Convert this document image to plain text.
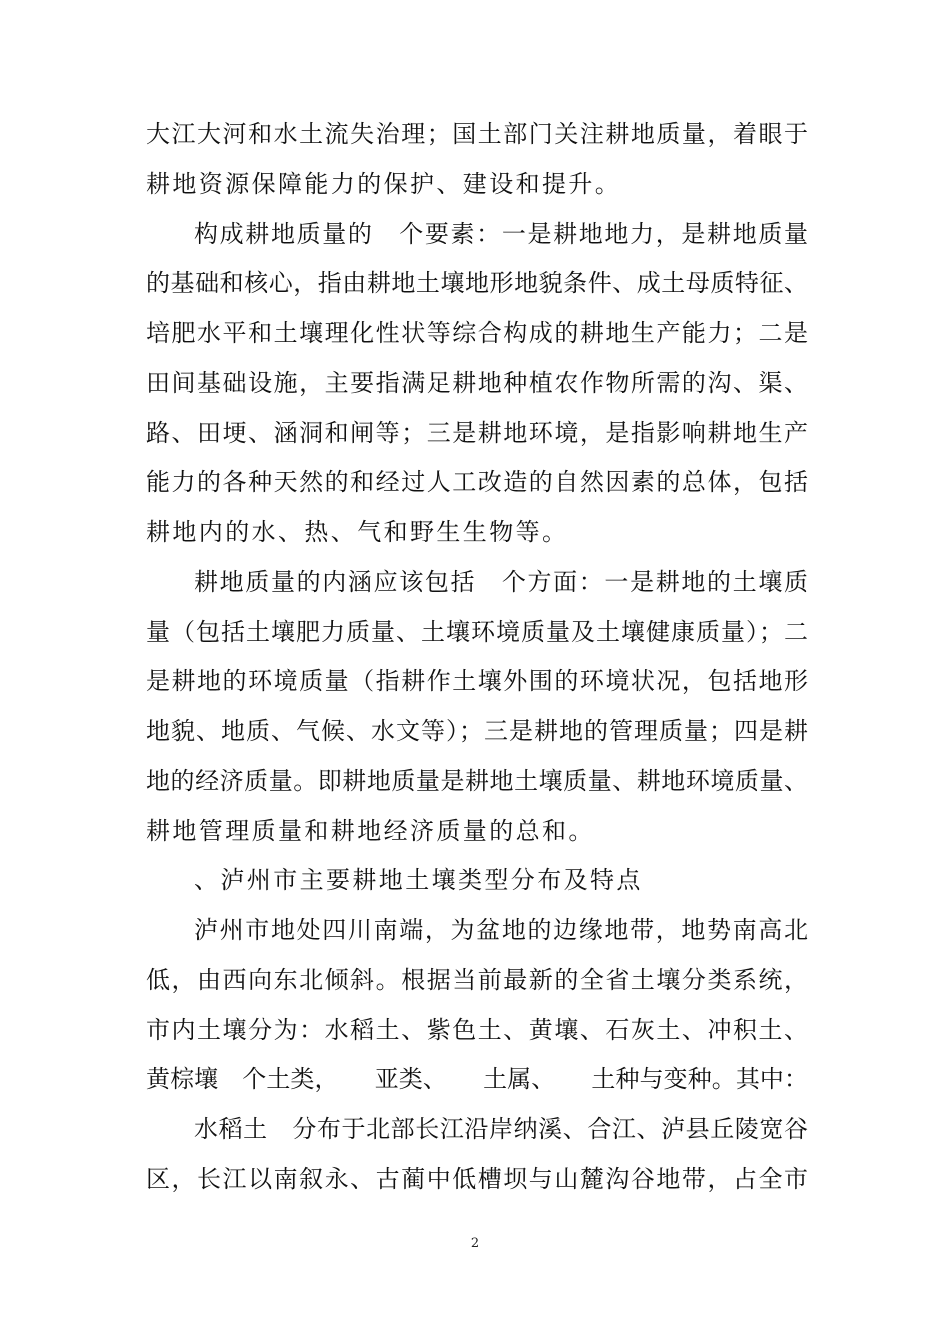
大江大河和水土流失治理；国土部门关注耕地质量，着眼于

耕地资源保障能力的保护、建设和提升。

构成耕地质量的　个要素：一是耕地地力，是耕地质量

的基础和核心，指由耕地土壤地形地貌条件、成土母质特征、

培肥水平和土壤理化性状等综合构成的耕地生产能力；二是

田间基础设施，主要指满足耕地种植农作物所需的沟、渠、

路、田埂、涵洞和闸等；三是耕地环境，是指影响耕地生产

能力的各种天然的和经过人工改造的自然因素的总体，包括

耕地内的水、热、气和野生生物等。

耕地质量的内涵应该包括　个方面：一是耕地的土壤质

量（包括土壤肥力质量、土壤环境质量及土壤健康质量）；二

是耕地的环境质量（指耕作土壤外围的环境状况，包括地形

地貌、地质、气候、水文等）；三是耕地的管理质量；四是耕

地的经济质量。即耕地质量是耕地土壤质量、耕地环境质量、

耕地管理质量和耕地经济质量的总和。

、泸州市主要耕地土壤类型分布及特点

泸州市地处四川南端，为盆地的边缘地带，地势南高北

低，由西向东北倾斜。根据当前最新的全省土壤分类系统，

市内土壤分为：水稻土、紫色土、黄壤、石灰土、冲积土、

黄棕壤　个土类，　　亚类、　　土属、　　土种与变种。其中：

水稻土　分布于北部长江沿岸纳溪、合江、泸县丘陵宽谷

区，长江以南叙永、古蔺中低槽坝与山麓沟谷地带，占全市

2
